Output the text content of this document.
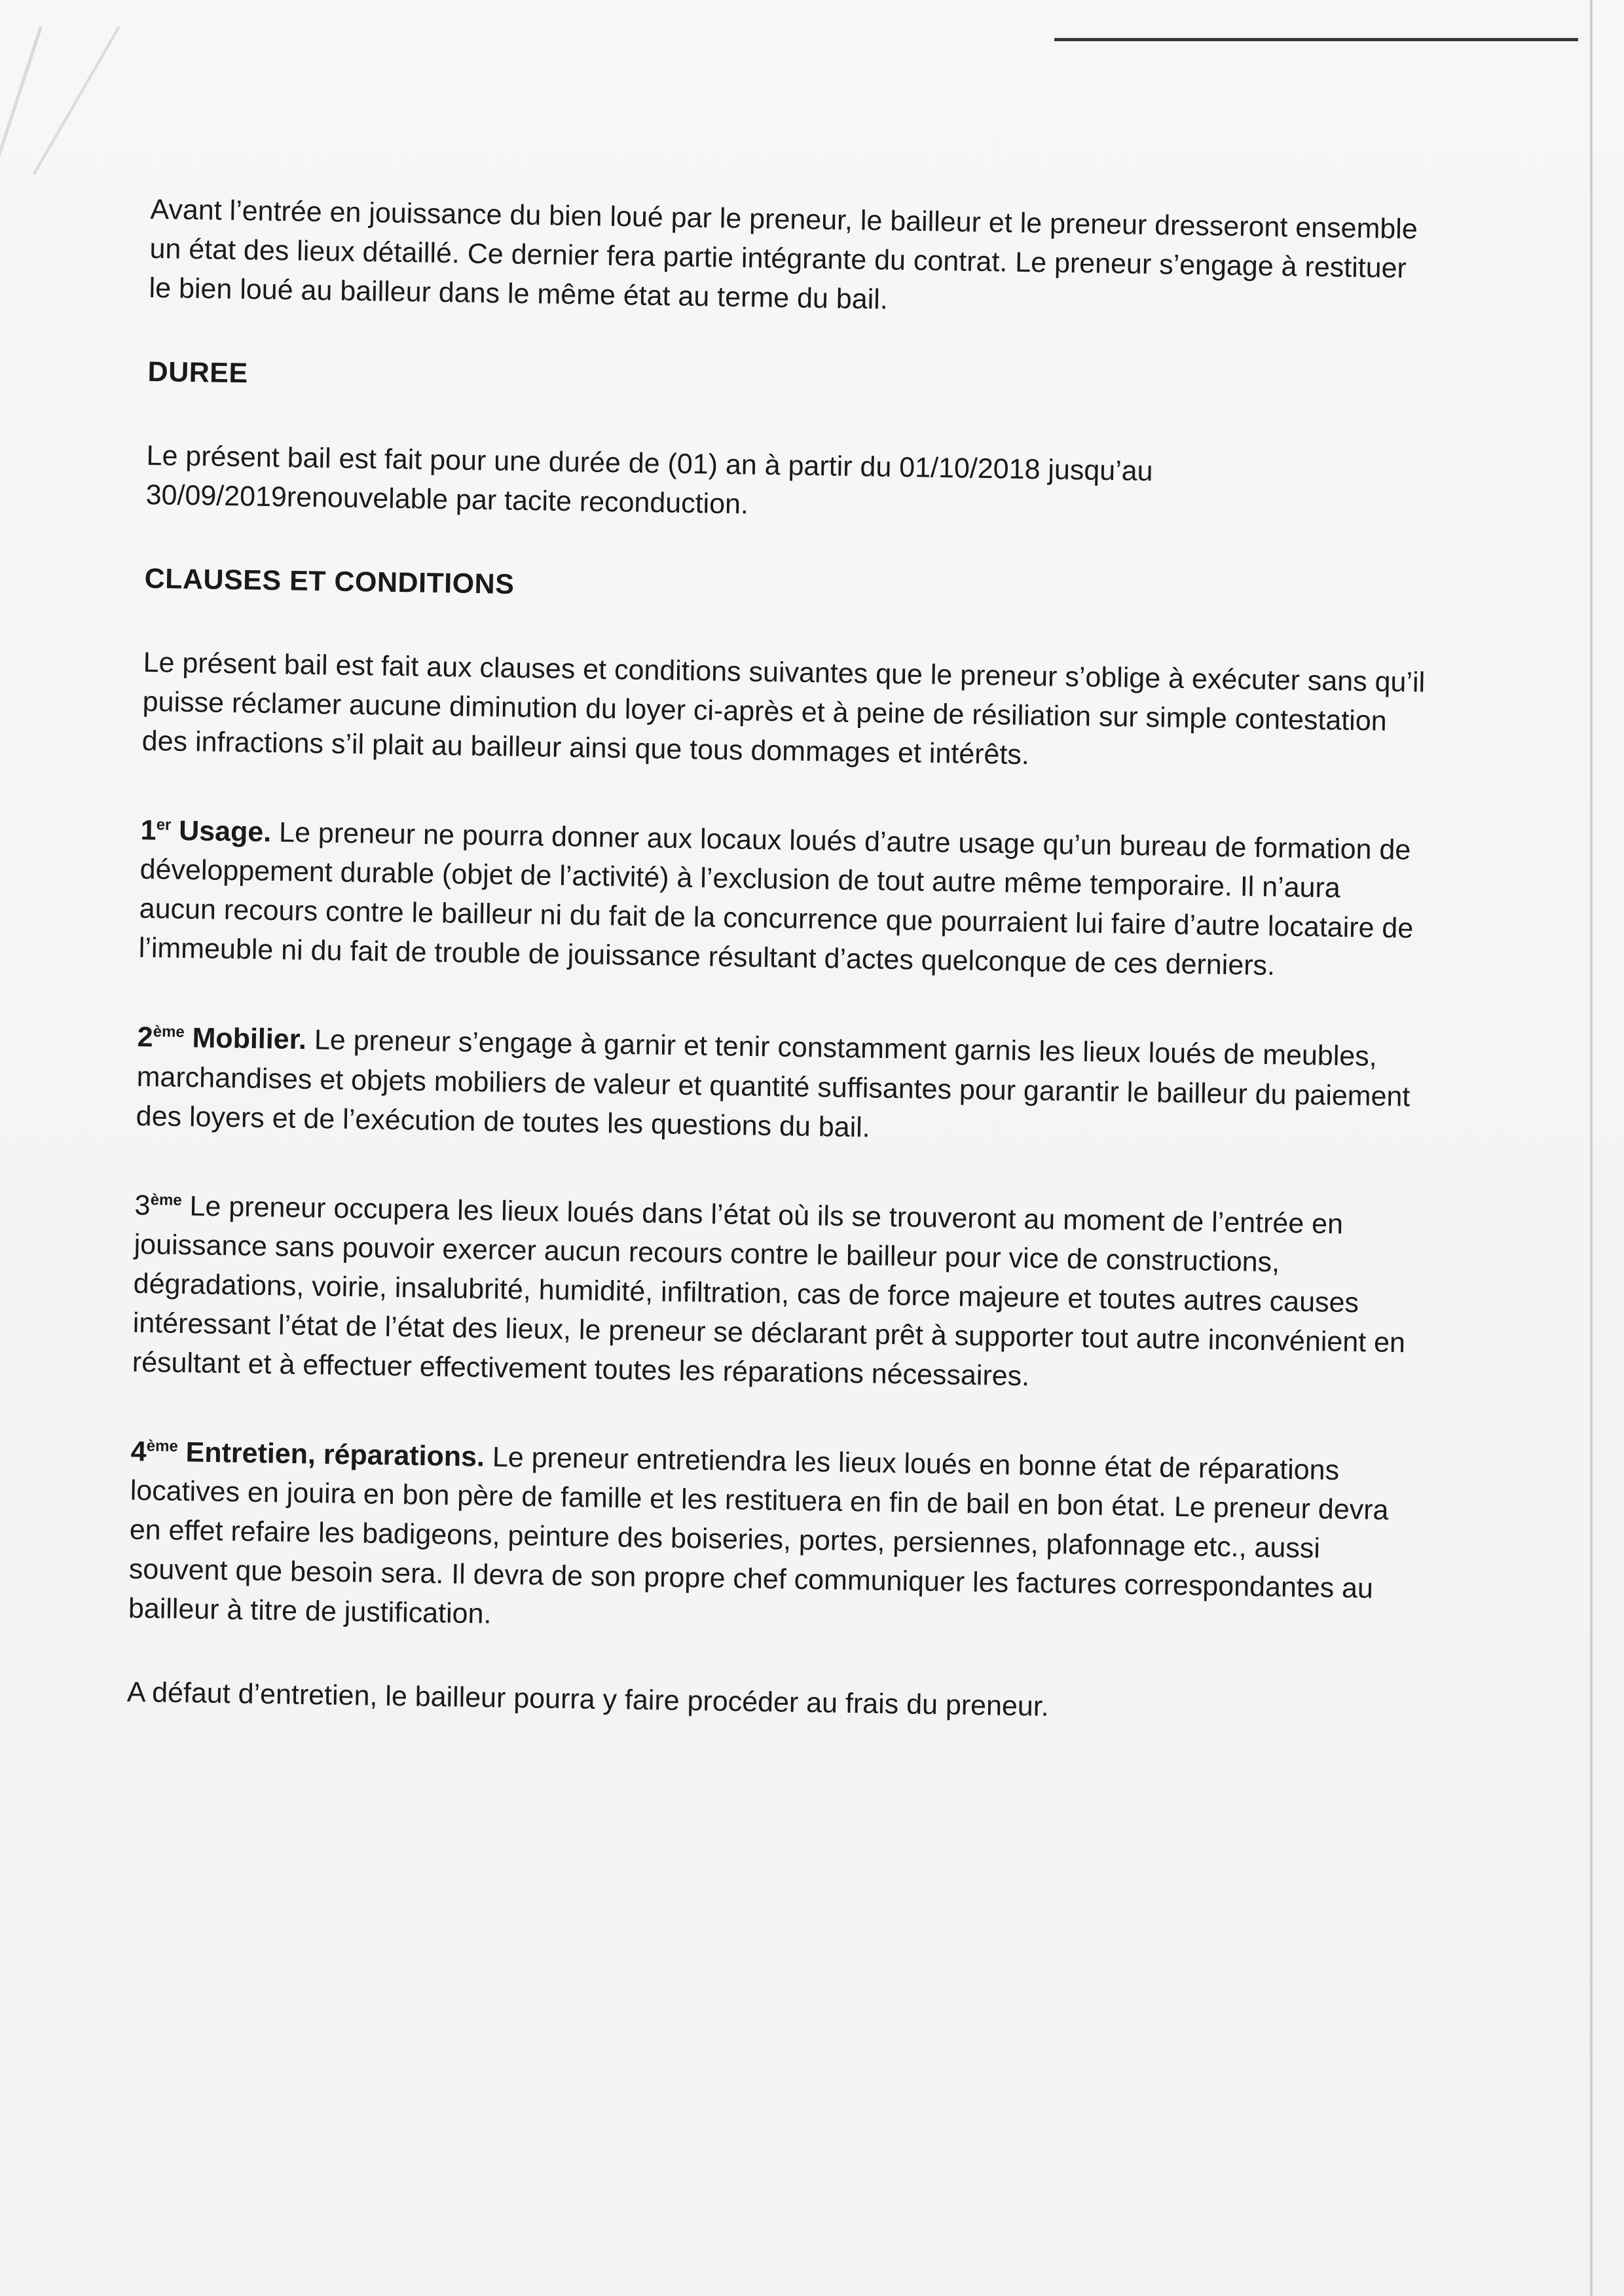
Avant l’entrée en jouissance du bien loué par le preneur, le bailleur et le preneur dresseront ensemble un état des lieux détaillé. Ce dernier fera partie intégrante du contrat. Le preneur s’engage à restituer le bien loué au bailleur dans le même état au terme du bail.

DUREE

Le présent bail est fait pour une durée de (01) an à partir du 01/10/2018 jusqu’au 30/09/2019renouvelable par tacite reconduction.

CLAUSES ET CONDITIONS

Le présent bail est fait aux clauses et conditions suivantes que le preneur s’oblige à exécuter sans qu’il puisse réclamer aucune diminution du loyer ci-après et à peine de résiliation sur simple contestation des infractions s’il plait au bailleur ainsi que tous dommages et intérêts.

1er Usage. Le preneur ne pourra donner aux locaux loués d’autre usage qu’un bureau de formation de développement durable (objet de l’activité) à l’exclusion de tout autre même temporaire. Il n’aura aucun recours contre le bailleur ni du fait de la concurrence que pourraient lui faire d’autre locataire de l’immeuble ni du fait de trouble de jouissance résultant d’actes quelconque de ces derniers.

2ème Mobilier. Le preneur s’engage à garnir et tenir constamment garnis les lieux loués de meubles, marchandises et objets mobiliers de valeur et quantité suffisantes pour garantir le bailleur du paiement des loyers et de l’exécution de toutes les questions du bail.

3ème Le preneur occupera les lieux loués dans l’état où ils se trouveront au moment de l’entrée en jouissance sans pouvoir exercer aucun recours contre le bailleur pour vice de constructions, dégradations, voirie, insalubrité, humidité, infiltration, cas de force majeure et toutes autres causes intéressant l’état de l’état des lieux, le preneur se déclarant prêt à supporter tout autre inconvénient en résultant et à effectuer effectivement toutes les réparations nécessaires.

4ème Entretien, réparations. Le preneur entretiendra les lieux loués en bonne état de réparations locatives en jouira en bon père de famille et les restituera en fin de bail en bon état. Le preneur devra en effet refaire les badigeons, peinture des boiseries, portes, persiennes, plafonnage etc., aussi souvent que besoin sera. Il devra de son propre chef communiquer les factures correspondantes au bailleur à titre de justification.

A défaut d’entretien, le bailleur pourra y faire procéder au frais du preneur.
